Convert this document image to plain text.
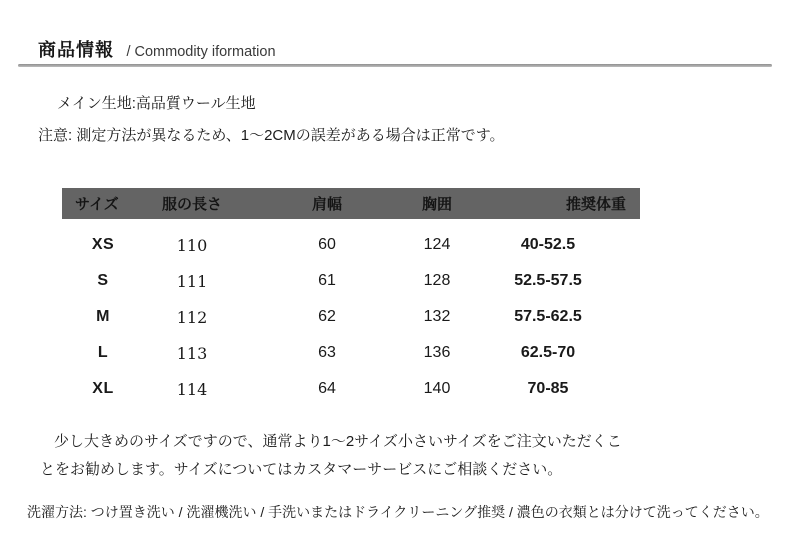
商品情報 / Commodity iformation
メイン生地:高品質ウール生地
注意: 測定方法が異なるため、1～2CMの誤差がある場合は正常です。
サイズ	服の長さ	肩幅	胸囲	推奨体重

XS	110	60	124	40-52.5
S	111	61	128	52.5-57.5
M	112	62	132	57.5-62.5
L	113	63	136	62.5-70
XL	114	64	140	70-85
少し大きめのサイズですので、通常より1～2サイズ小さいサイズをご注文いただくこ
とをお勧めします。サイズについてはカスタマーサービスにご相談ください。
洗濯方法: つけ置き洗い / 洗濯機洗い / 手洗いまたはドライクリーニング推奨 / 濃色の衣類とは分けて洗ってください。
